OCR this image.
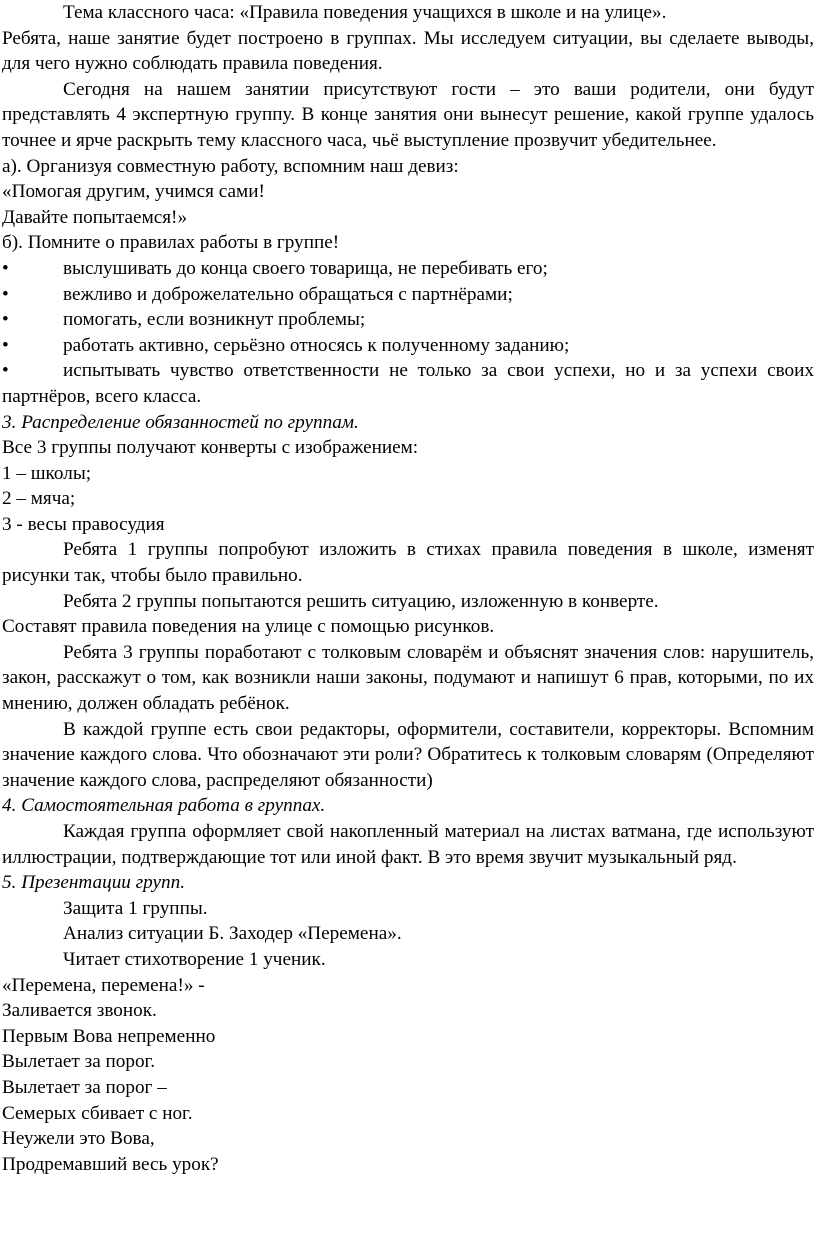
Тема классного часа: «Правила поведения учащихся в школе и на улице».

Ребята, наше занятие будет построено в группах. Мы исследуем ситуации, вы сделаете выводы, для чего нужно соблюдать правила поведения.

Сегодня на нашем занятии присутствуют гости – это ваши родители, они будут представлять 4 экспертную группу. В конце занятия они вынесут решение, какой группе удалось точнее и ярче раскрыть тему классного часа, чьё выступление прозвучит убедительнее.

а). Организуя совместную работу, вспомним наш девиз:

«Помогая другим, учимся сами!

Давайте попытаемся!»

б). Помните о правилах работы в группе!

•	выслушивать до конца своего товарища, не перебивать его;
•	вежливо и доброжелательно обращаться с партнёрами;
•	помогать, если возникнут проблемы;
•	работать активно, серьёзно относясь к полученному заданию;
•	испытывать чувство ответственности не только за свои успехи, но и за успехи своих

партнёров, всего класса.

3. Распределение обязанностей по группам.

Все 3 группы получают конверты с изображением:

1 – школы;

2 – мяча;

3 - весы правосудия

Ребята 1 группы попробуют изложить в стихах правила поведения в школе, изменят рисунки так, чтобы было правильно.

Ребята 2 группы попытаются решить ситуацию, изложенную в конверте.

Составят правила поведения на улице с помощью рисунков.

Ребята 3 группы поработают с толковым словарём и объяснят значения слов: нарушитель, закон, расскажут о том, как возникли наши законы, подумают и напишут 6 прав, которыми, по их мнению, должен обладать ребёнок.

В каждой группе есть свои редакторы, оформители, составители, корректоры. Вспомним значение каждого слова. Что обозначают эти роли? Обратитесь к толковым словарям (Определяют значение каждого слова, распределяют обязанности)

4. Самостоятельная работа в группах.

Каждая группа оформляет свой накопленный материал на листах ватмана, где используют иллюстрации, подтверждающие тот или иной факт. В это время звучит музыкальный ряд.

5. Презентации групп.

Защита 1 группы.

Анализ ситуации Б. Заходер «Перемена».

Читает стихотворение 1 ученик.

«Перемена, перемена!» -

Заливается звонок.

Первым Вова непременно

Вылетает за порог.

Вылетает за порог –

Семерых сбивает с ног.

Неужели это Вова,

Продремавший весь урок?
